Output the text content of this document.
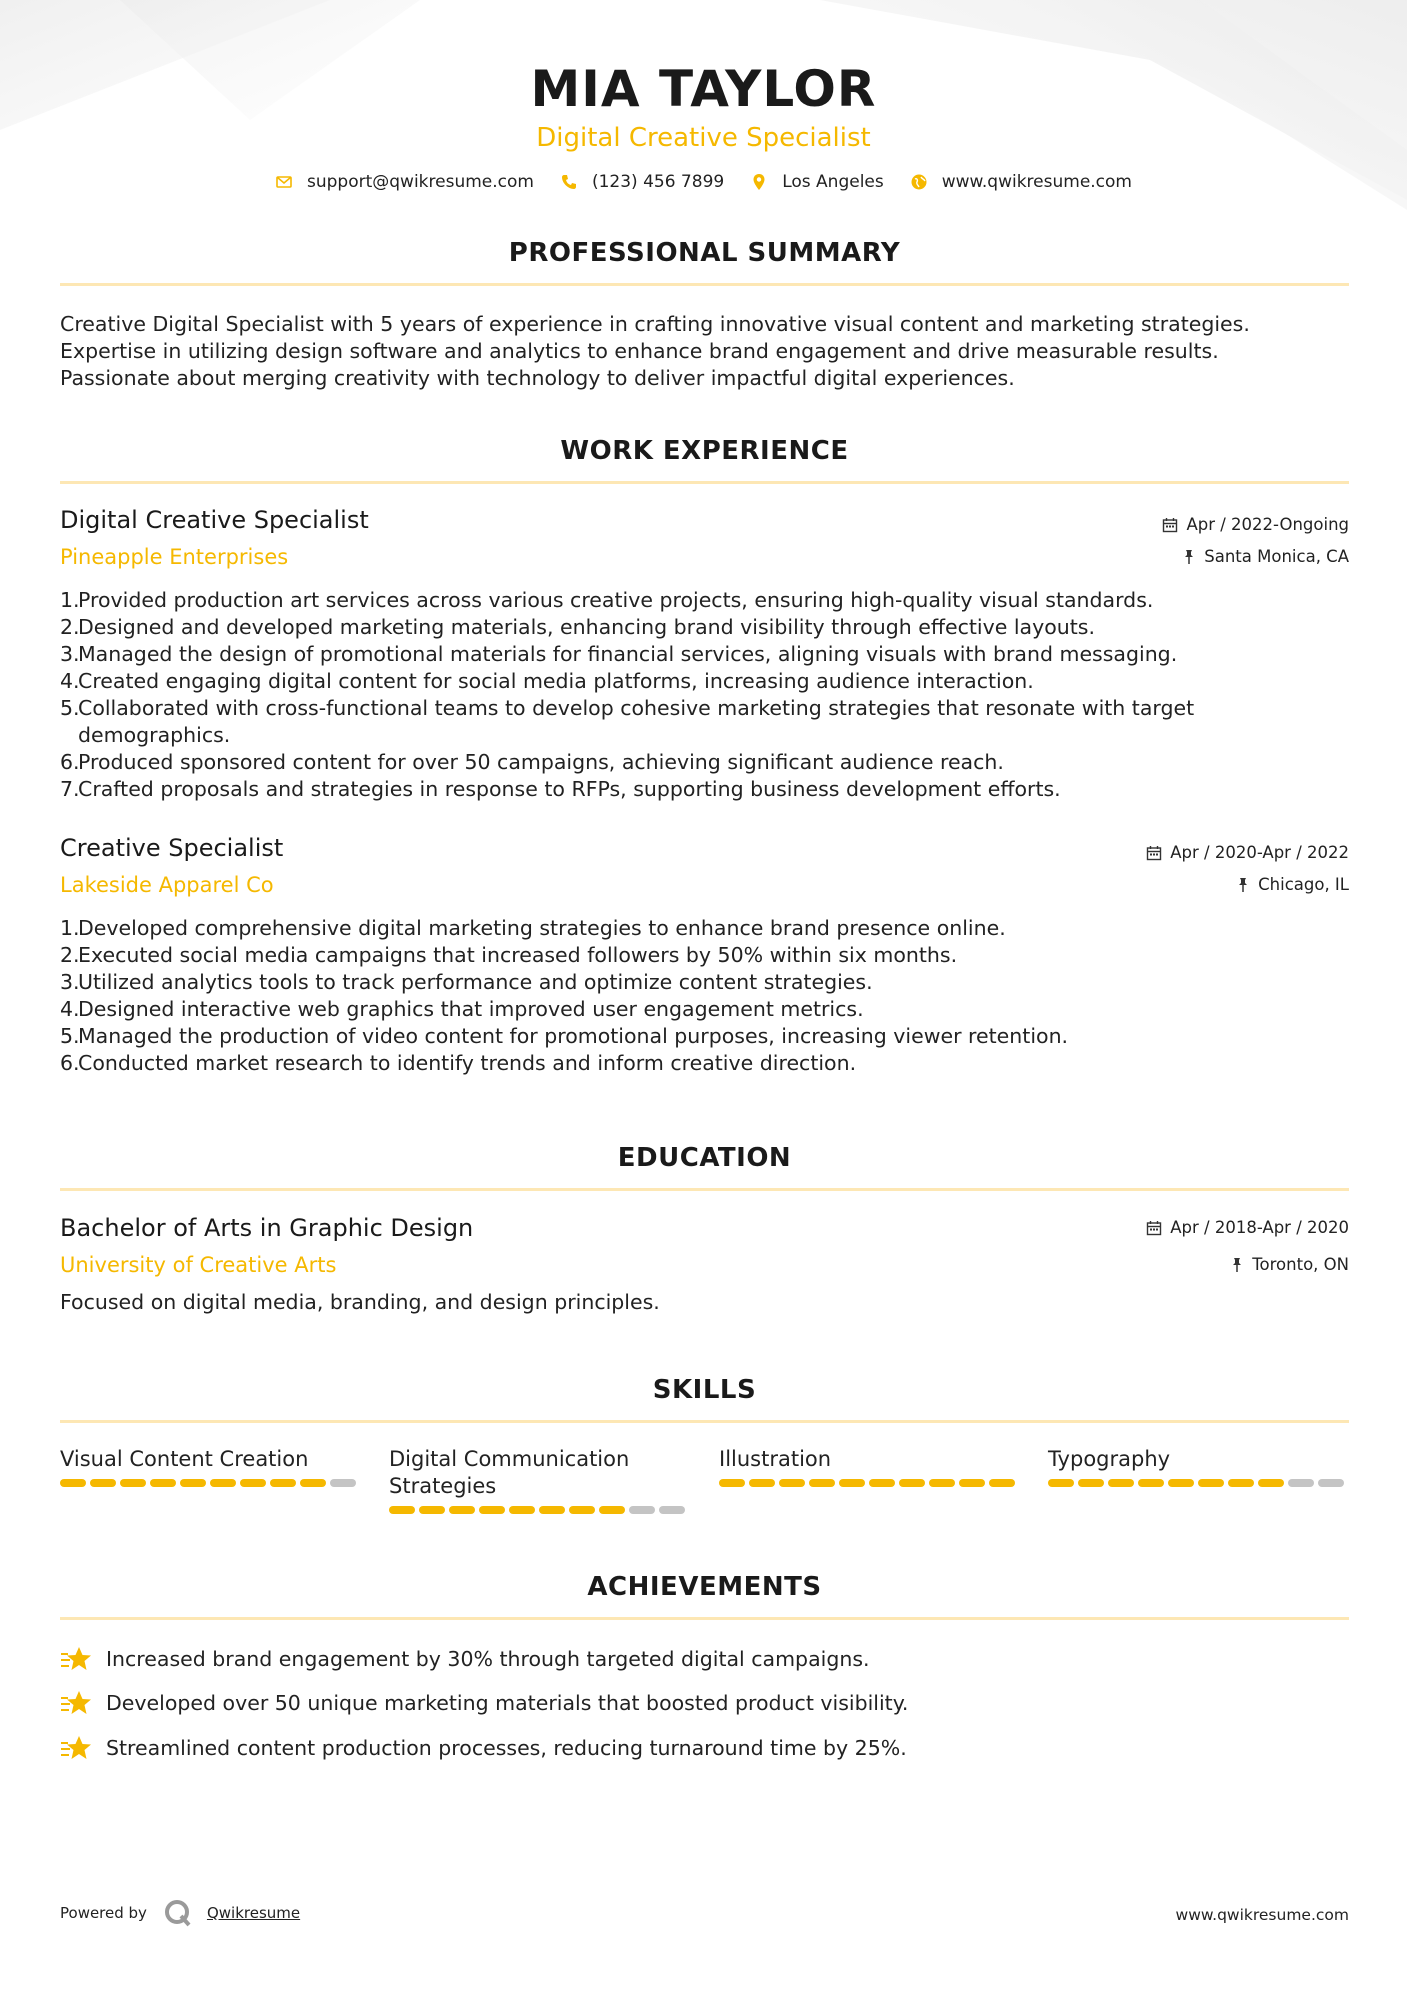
MIA TAYLOR
Digital Creative Specialist
support@qwikresume.com	(123) 456 7899	Los Angeles	www.qwikresume.com
PROFESSIONAL SUMMARY
Creative Digital Specialist with 5 years of experience in crafting innovative visual content and marketing strategies.
Expertise in utilizing design software and analytics to enhance brand engagement and drive measurable results.
Passionate about merging creativity with technology to deliver impactful digital experiences.
WORK EXPERIENCE
Digital Creative Specialist
Pineapple Enterprises
Apr / 2022-Ongoing
Santa Monica, CA
1.
Provided production art services across various creative projects, ensuring high-quality visual standards.
2.
Designed and developed marketing materials, enhancing brand visibility through effective layouts.
3.
Managed the design of promotional materials for financial services, aligning visuals with brand messaging.
4.
Created engaging digital content for social media platforms, increasing audience interaction.
5.
Collaborated with cross-functional teams to develop cohesive marketing strategies that resonate with target demographics.
6.
Produced sponsored content for over 50 campaigns, achieving significant audience reach.
7.
Crafted proposals and strategies in response to RFPs, supporting business development efforts.
Creative Specialist
Lakeside Apparel Co
Apr / 2020-Apr / 2022
Chicago, IL
1.
Developed comprehensive digital marketing strategies to enhance brand presence online.
2.
Executed social media campaigns that increased followers by 50% within six months.
3.
Utilized analytics tools to track performance and optimize content strategies.
4.
Designed interactive web graphics that improved user engagement metrics.
5.
Managed the production of video content for promotional purposes, increasing viewer retention.
6.
Conducted market research to identify trends and inform creative direction.
EDUCATION
Bachelor of Arts in Graphic Design
University of Creative Arts
Apr / 2018-Apr / 2020
Toronto, ON
Focused on digital media, branding, and design principles.
SKILLS
Visual Content Creation	Digital Communication Strategies
Illustration	Typography
ACHIEVEMENTS
Increased brand engagement by 30% through targeted digital campaigns.
Developed over 50 unique marketing materials that boosted product visibility.
Streamlined content production processes, reducing turnaround time by 25%.
Powered by	Qwikresume	www.qwikresume.com
